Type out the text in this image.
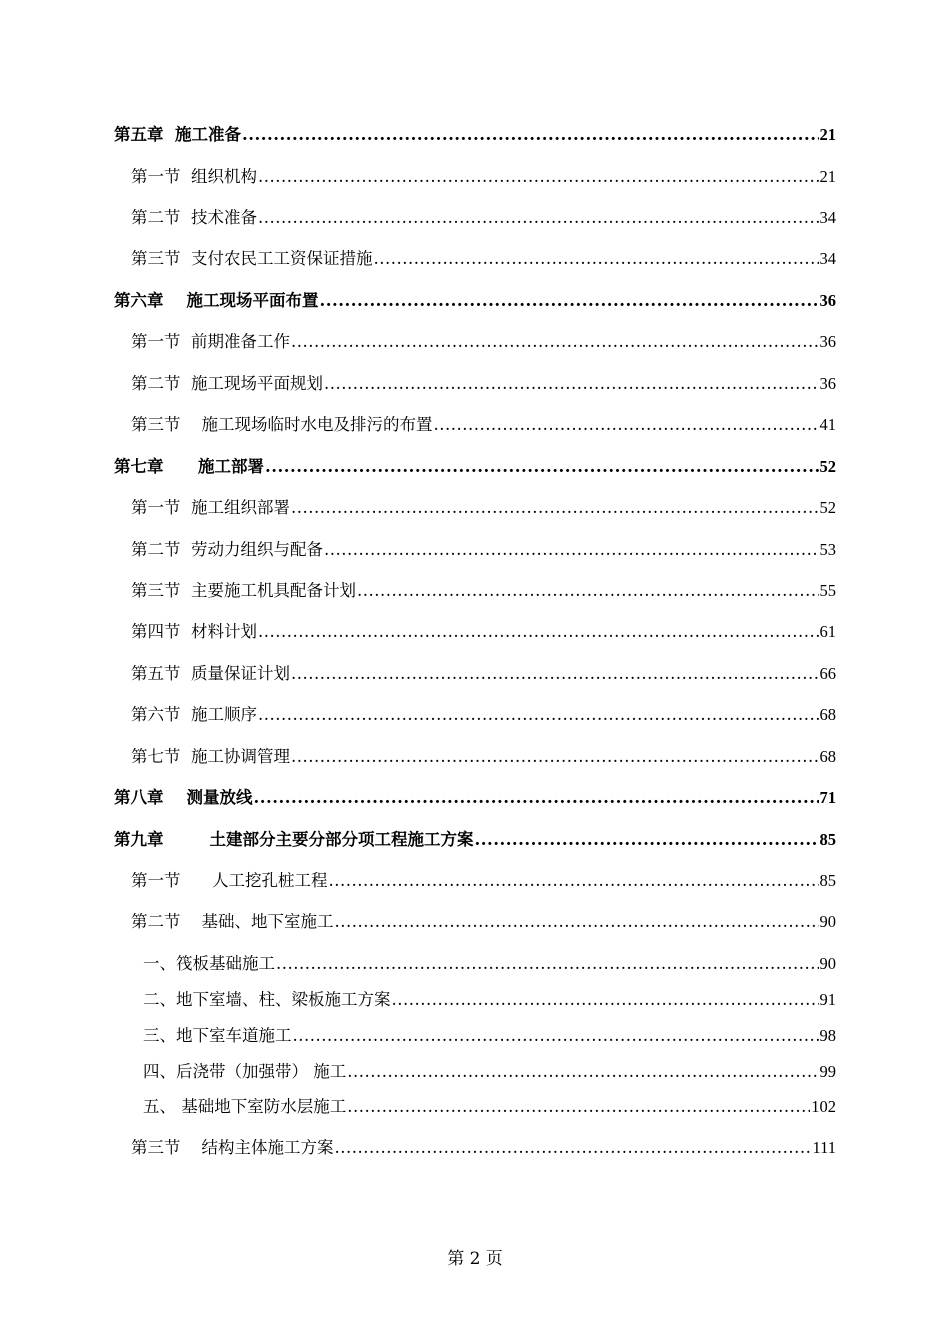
第五章  施工准备 .....	21
第一节  组织机构 .....	21
第二节  技术准备 .....	34
第三节  支付农民工工资保证措施 .....	34
第六章    施工现场平面布置 .....	36
第一节  前期准备工作 .....	36
第二节  施工现场平面规划 .....	36
第三节    施工现场临时水电及排污的布置 .....	41
第七章      施工部署 .....	52
第一节  施工组织部署 .....	52
第二节  劳动力组织与配备 .....	53
第三节  主要施工机具配备计划 .....	55
第四节  材料计划 .....	61
第五节  质量保证计划 .....	66
第六节  施工顺序 .....	68
第七节  施工协调管理 .....	68
第八章    测量放线 .....	71
第九章        土建部分主要分部分项工程施工方案 .....	85
第一节      人工挖孔桩工程 .....	85
第二节    基础、地下室施工 .....	90
一、筏板基础施工 .....	90
二、地下室墙、柱、梁板施工方案 .....	91
三、地下室车道施工 .....	98
四、后浇带（加强带） 施工 .....	99
五、 基础地下室防水层施工 .....	102
第三节    结构主体施工方案 .....	111
第 2 页
